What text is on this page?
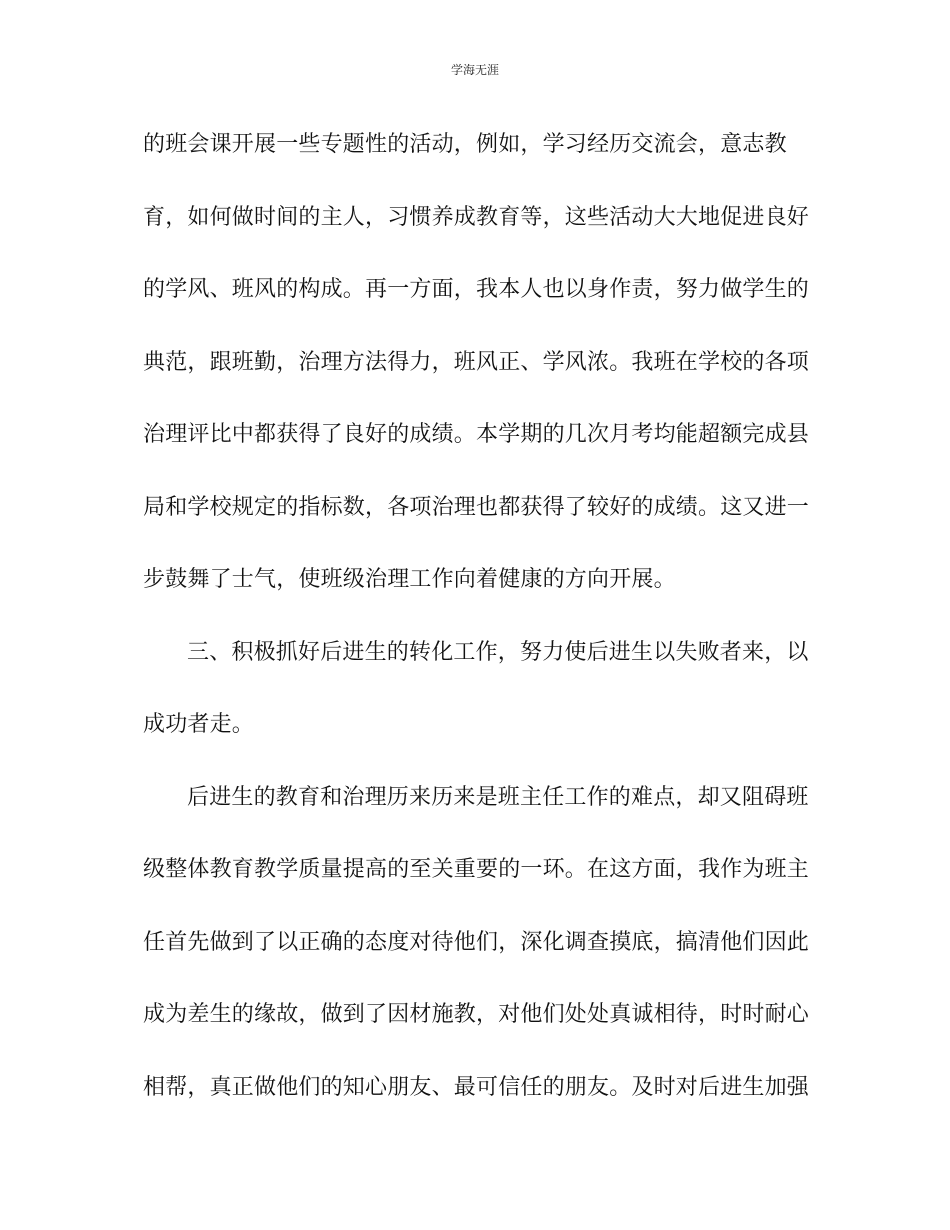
学海无涯
的班会课开展一些专题性的活动，例如，学习经历交流会，意志教
育，如何做时间的主人，习惯养成教育等，这些活动大大地促进良好
的学风、班风的构成。再一方面，我本人也以身作责，努力做学生的
典范，跟班勤，治理方法得力，班风正、学风浓。我班在学校的各项
治理评比中都获得了良好的成绩。本学期的几次月考均能超额完成县
局和学校规定的指标数，各项治理也都获得了较好的成绩。这又进一
步鼓舞了士气，使班级治理工作向着健康的方向开展。
三、积极抓好后进生的转化工作，努力使后进生以失败者来，以
成功者走。
后进生的教育和治理历来历来是班主任工作的难点，却又阻碍班
级整体教育教学质量提高的至关重要的一环。在这方面，我作为班主
任首先做到了以正确的态度对待他们，深化调查摸底，搞清他们因此
成为差生的缘故，做到了因材施教，对他们处处真诚相待，时时耐心
相帮，真正做他们的知心朋友、最可信任的朋友。及时对后进生加强
